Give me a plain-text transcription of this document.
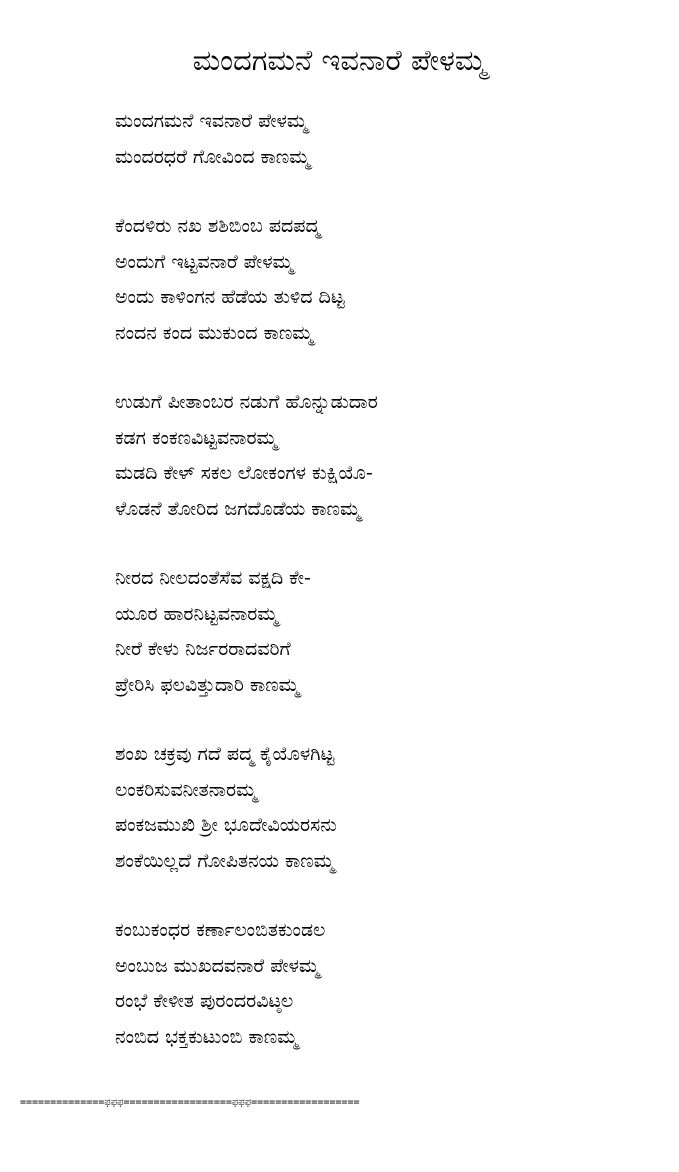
ಮಂದಗಮನೆ ಇವನಾರೆ ಪೇಳಮ್ಮ
ಮಂದಗಮನೆ ಇವನಾರೆ ಪೇಳಮ್ಮ
ಮಂದರಧರೆ ಗೋವಿಂದ ಕಾಣಮ್ಮ
ಕೆಂದಳಿರು ನಖ ಶಶಿಬಿಂಬ ಪದಪದ್ಮ
ಅಂದುಗೆ ಇಟ್ಟವನಾರೆ ಪೇಳಮ್ಮ
ಅಂದು ಕಾಳಿಂಗನ ಹೆಡೆಯ ತುಳಿದ ದಿಟ್ಟ
ನಂದನ ಕಂದ ಮುಕುಂದ ಕಾಣಮ್ಮ
ಉಡುಗೆ ಪೀತಾಂಬರ ನಡುಗೆ ಹೊನ್ನುಡುದಾರ
ಕಡಗ ಕಂಕಣವಿಟ್ಟವನಾರಮ್ಮ
ಮಡದಿ ಕೇಳ್ ಸಕಲ ಲೋಕಂಗಳ ಕುಕ್ಷಿಯೊ-
ಳೊಡನೆ ತೋರಿದ ಜಗದೊಡೆಯ ಕಾಣಮ್ಮ
ನೀರದ ನೀಲದಂತೆಸೆವ ವಕ್ಷದಿ ಕೇ-
ಯೂರ ಹಾರನಿಟ್ಟವನಾರಮ್ಮ
ನೀರೆ ಕೇಳು ನಿರ್ಜರರಾದವರಿಗೆ
ಪ್ರೇರಿಸಿ ಫಲವಿತ್ತುದಾರಿ ಕಾಣಮ್ಮ
ಶಂಖ ಚಕ್ರವು ಗದೆ ಪದ್ಮ ಕೈಯೊಳಗಿಟ್ಟ
ಲಂಕರಿಸುವನೀತನಾರಮ್ಮ
ಪಂಕಜಮುಖಿ ಶ್ರೀ ಭೂದೇವಿಯರಸನು
ಶಂಕೆಯಿಲ್ಲದೆ ಗೋಪಿತನಯ ಕಾಣಮ್ಮ
ಕಂಬುಕಂಧರ ಕರ್ಣಾಲಂಬಿತಕುಂಡಲ
ಅಂಬುಜ ಮುಖದವನಾರೆ ಪೇಳಮ್ಮ
ರಂಭೆ ಕೇಳೀತ ಪುರಂದರವಿಟ್ಠಲ
ನಂಬಿದ ಭಕ್ತಕುಟುಂಬಿ ಕಾಣಮ್ಮ
==============ಫಫಫ==================ಫಫಫ==================
